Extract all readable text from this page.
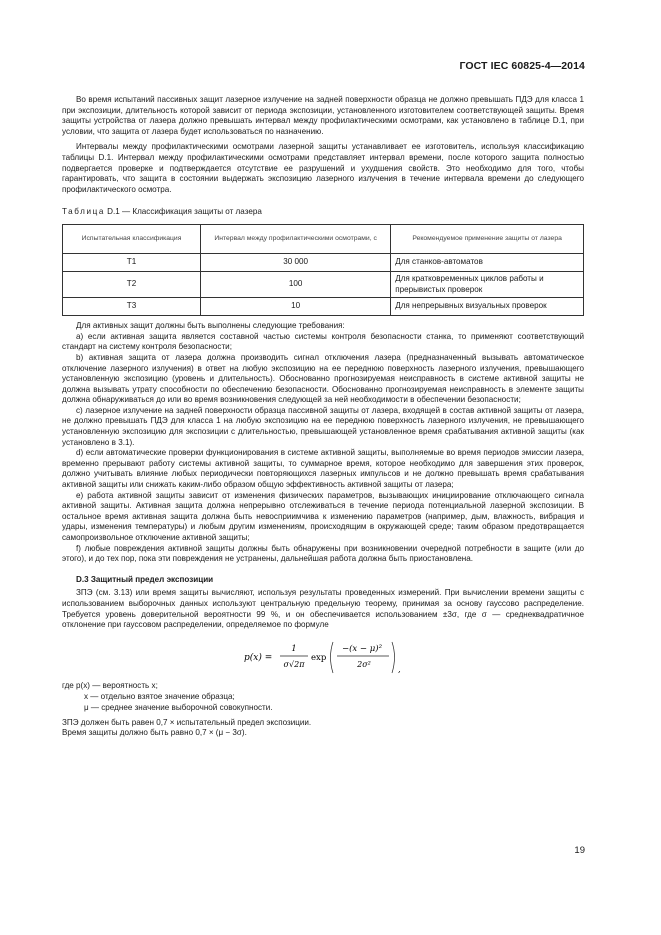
ГОСТ IEC 60825-4—2014

Во время испытаний пассивных защит лазерное излучение на задней поверхности образца не должно превышать ПДЭ для класса 1 при экспозиции, длительность которой зависит от периода экспозиции, установленного изготовителем соответствующей защиты. Время защиты устройства от лазера должно превышать интервал между профилактическими осмотрами, как установлено в таблице D.1, при условии, что защита от лазера будет использоваться по назначению.

Интервалы между профилактическими осмотрами лазерной защиты устанавливает ее изготовитель, используя классификацию таблицы D.1. Интервал между профилактическими осмотрами представляет интервал времени, после которого защита полностью подвергается проверке и подтверждается отсутствие ее разрушений и ухудшения свойств. Это необходимо для того, чтобы гарантировать, что защита в состоянии выдержать экспозицию лазерного излучения в течение интервала времени до следующего профилактического осмотра.

Таблица D.1 — Классификация защиты от лазера
Испытательная классификация	Интервал между профилактическими осмотрами, с	Рекомендуемое применение защиты от лазера
T1	30 000	Для станков-автоматов
T2	100	Для кратковременных циклов работы и прерывистых проверок
T3	10	Для непрерывных визуальных проверок

Для активных защит должны быть выполнены следующие требования:

a) если активная защита является составной частью системы контроля безопасности станка, то применяют соответствующий стандарт на систему контроля безопасности;

b) активная защита от лазера должна производить сигнал отключения лазера (предназначенный вызывать автоматическое отключение лазерного излучения) в ответ на любую экспозицию на ее переднюю поверхность лазерного излучения, превышающего установленную экспозицию (уровень и длительность). Обоснованно прогнозируемая неисправность в системе активной защиты не должна вызывать утрату способности по обеспечению безопасности. Обоснованно прогнозируемая неисправность в элементе защиты должна обнаруживаться до или во время возникновения следующей за ней необходимости в обеспечении безопасности;

c) лазерное излучение на задней поверхности образца пассивной защиты от лазера, входящей в состав активной защиты от лазера, не должно превышать ПДЭ для класса 1 на любую экспозицию на ее переднюю поверхность лазерного излучения, не превышающего установленную экспозицию для экспозиции с длительностью, превышающей установленное время срабатывания активной защиты (как установлено в 3.1).

d) если автоматические проверки функционирования в системе активной защиты, выполняемые во время периодов эмиссии лазера, временно прерывают работу системы активной защиты, то суммарное время, которое необходимо для завершения этих проверок, должно учитывать влияние любых периодически повторяющихся лазерных импульсов и не должно превышать время срабатывания активной защиты или снижать каким-либо образом общую эффективность активной защиты от лазера;

e) работа активной защиты зависит от изменения физических параметров, вызывающих инициирование отключающего сигнала активной защиты. Активная защита должна непрерывно отслеживаться в течение периода потенциальной лазерной экспозиции. В остальное время активная защита должна быть невосприимчива к изменению параметров (например, дым, влажность, вибрация и удары, изменения температуры) и любым другим изменениям, происходящим в окружающей среде; таким образом предотвращается самопроизвольное отключение активной защиты;

f) любые повреждения активной защиты должны быть обнаружены при возникновении очередной потребности в защите (или до этого), и до тех пор, пока эти повреждения не устранены, дальнейшая работа должна быть приостановлена.

D.3 Защитный предел экспозиции

ЗПЭ (см. 3.13) или время защиты вычисляют, используя результаты проведенных измерений. При вычислении времени защиты с использованием выборочных данных используют центральную предельную теорему, принимая за основу гауссово распределение. Требуется уровень доверительной вероятности 99 %, и он обеспечивается использованием ±3σ, где σ — среднеквадратичное отклонение при гауссовом распределении, определяемое по формуле

p(x) =
1
σ√2π
exp
−(x − μ)²
2σ²
,
где p(x) — вероятность x;
x — отдельно взятое значение образца;
μ — среднее значение выборочной совокупности.

ЗПЭ должен быть равен 0,7 × испытательный предел экспозиции.

Время защиты должно быть равно 0,7 × (μ − 3σ).

19
